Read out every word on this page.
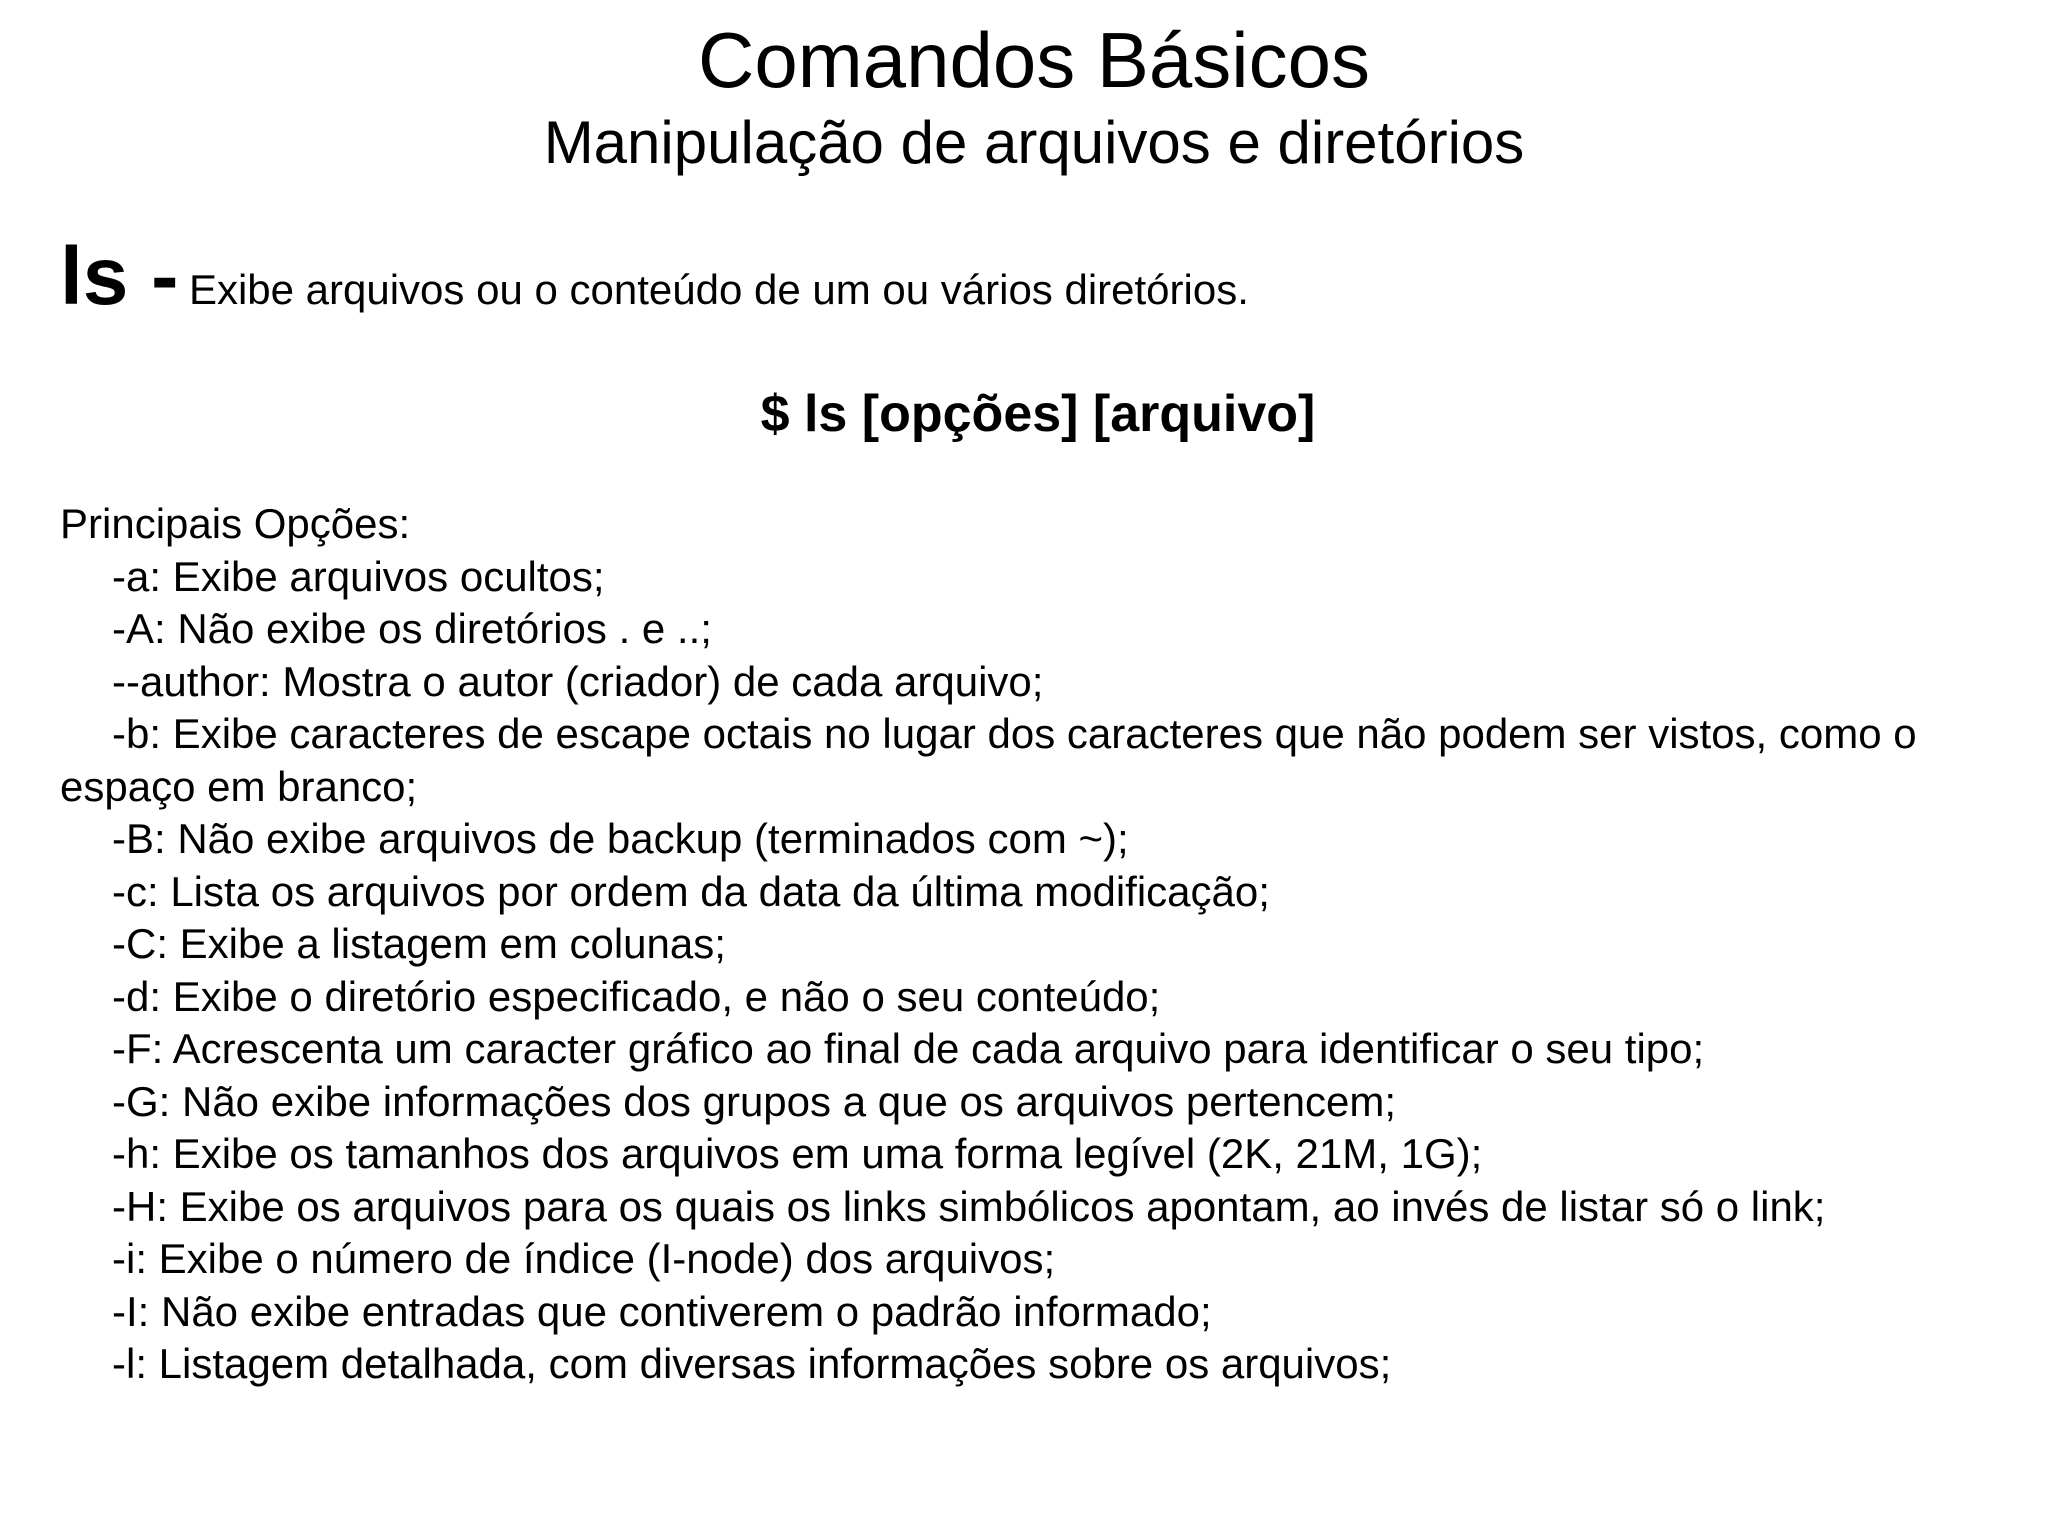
Comandos Básicos
Manipulação de arquivos e diretórios
ls - Exibe arquivos ou o conteúdo de um ou vários diretórios.
$ ls [opções] [arquivo]
Principais Opções:
-a: Exibe arquivos ocultos;
-A: Não exibe os diretórios . e ..;
--author: Mostra o autor (criador) de cada arquivo;
-b: Exibe caracteres de escape octais no lugar dos caracteres que não podem ser vistos, como o espaço em branco;
-B: Não exibe arquivos de backup (terminados com ~);
-c: Lista os arquivos por ordem da data da última modificação;
-C: Exibe a listagem em colunas;
-d: Exibe o diretório especificado, e não o seu conteúdo;
-F: Acrescenta um caracter gráfico ao final de cada arquivo para identificar o seu tipo;
-G: Não exibe informações dos grupos a que os arquivos pertencem;
-h: Exibe os tamanhos dos arquivos em uma forma legível (2K, 21M, 1G);
-H: Exibe os arquivos para os quais os links simbólicos apontam, ao invés de listar só o link;
-i: Exibe o número de índice (I-node) dos arquivos;
-I: Não exibe entradas que contiverem o padrão informado;
-l: Listagem detalhada, com diversas informações sobre os arquivos;
